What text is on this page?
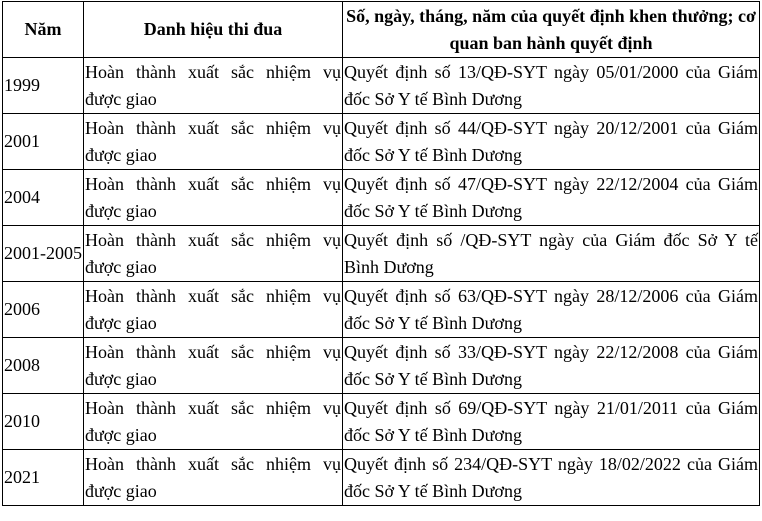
Năm	Danh hiệu thi đua	Số, ngày, tháng, năm của quyết định khen thưởng; cơ quan ban hành quyết định
1999	Hoàn thành xuất sắc nhiệm vụ được giao	Quyết định số 13/QĐ-SYT ngày 05/01/2000 của Giám đốc Sở Y tế Bình Dương
2001	Hoàn thành xuất sắc nhiệm vụ được giao	Quyết định số 44/QĐ-SYT ngày 20/12/2001 của Giám đốc Sở Y tế Bình Dương
2004	Hoàn thành xuất sắc nhiệm vụ được giao	Quyết định số 47/QĐ-SYT ngày 22/12/2004 của Giám đốc Sở Y tế Bình Dương
2001-2005	Hoàn thành xuất sắc nhiệm vụ được giao	Quyết định số /QĐ-SYT ngày của Giám đốc Sở Y tế Bình Dương
2006	Hoàn thành xuất sắc nhiệm vụ được giao	Quyết định số 63/QĐ-SYT ngày 28/12/2006 của Giám đốc Sở Y tế Bình Dương
2008	Hoàn thành xuất sắc nhiệm vụ được giao	Quyết định số 33/QĐ-SYT ngày 22/12/2008 của Giám đốc Sở Y tế Bình Dương
2010	Hoàn thành xuất sắc nhiệm vụ được giao	Quyết định số 69/QĐ-SYT ngày 21/01/2011 của Giám đốc Sở Y tế Bình Dương
2021	Hoàn thành xuất sắc nhiệm vụ được giao	Quyết định số 234/QĐ-SYT ngày 18/02/2022 của Giám đốc Sở Y tế Bình Dương
